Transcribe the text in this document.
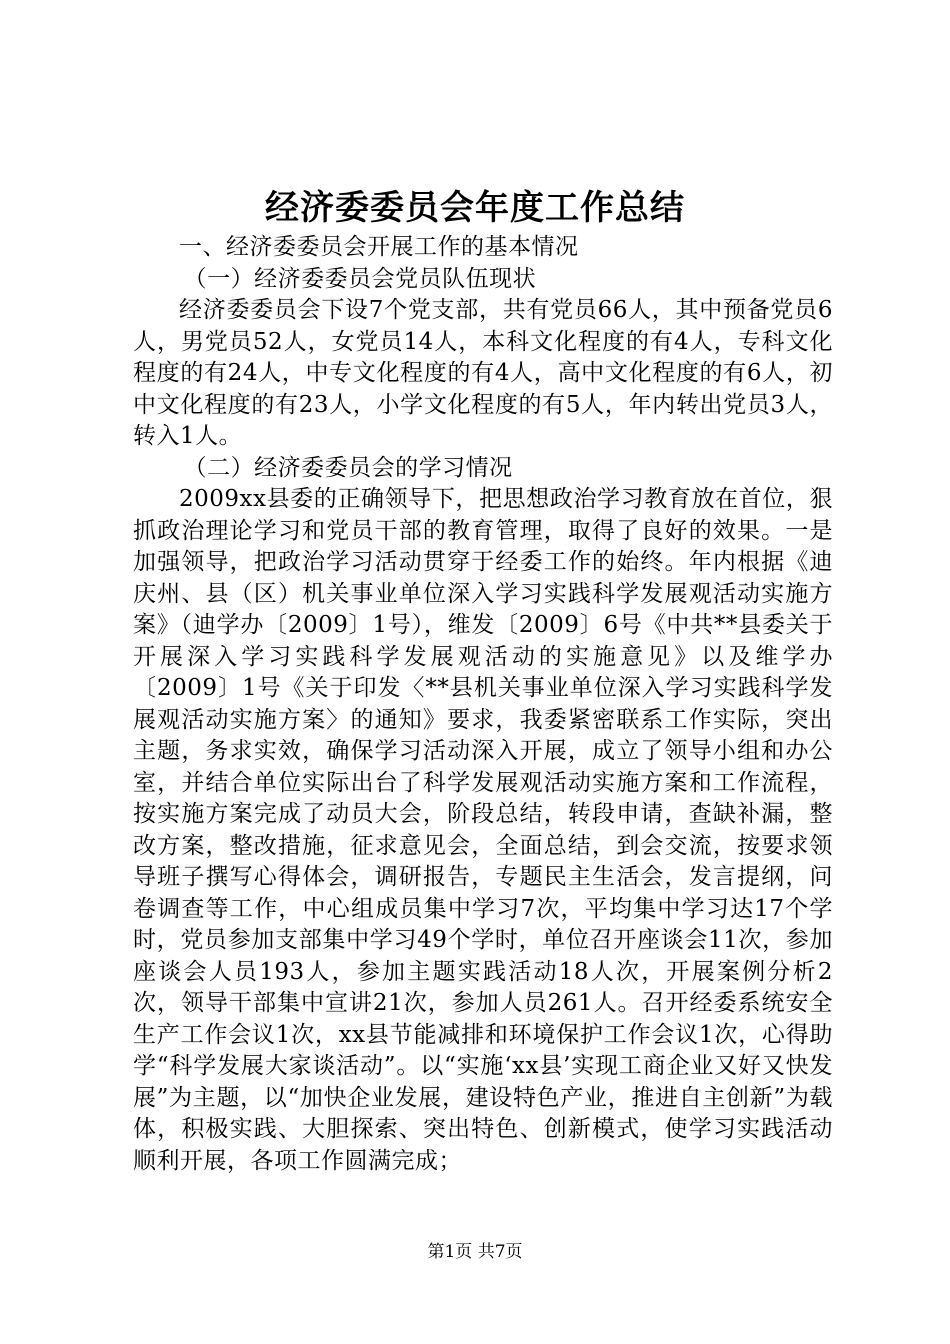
经济委委员会年度工作总结

一、经济委委员会开展工作的基本情况

（一）经济委委员会党员队伍现状

经济委委员会下设7个党支部，共有党员66人，其中预备党员6人，男党员52人，女党员14人，本科文化程度的有4人，专科文化程度的有24人，中专文化程度的有4人，高中文化程度的有6人，初中文化程度的有23人，小学文化程度的有5人，年内转出党员3人，转入1人。

（二）经济委委员会的学习情况

2009xx县委的正确领导下，把思想政治学习教育放在首位，狠抓政治理论学习和党员干部的教育管理，取得了良好的效果。一是加强领导，把政治学习活动贯穿于经委工作的始终。年内根据《迪庆州、县（区）机关事业单位深入学习实践科学发展观活动实施方案》（迪学办〔2009〕1号），维发〔2009〕6号《中共**县委关于开展深入学习实践科学发展观活动的实施意见》以及维学办〔2009〕1号《关于印发〈**县机关事业单位深入学习实践科学发展观活动实施方案〉的通知》要求，我委紧密联系工作实际，突出主题，务求实效，确保学习活动深入开展，成立了领导小组和办公室，并结合单位实际出台了科学发展观活动实施方案和工作流程，按实施方案完成了动员大会，阶段总结，转段申请，查缺补漏，整改方案，整改措施，征求意见会，全面总结，到会交流，按要求领导班子撰写心得体会，调研报告，专题民主生活会，发言提纲，问卷调查等工作，中心组成员集中学习7次，平均集中学习达17个学时，党员参加支部集中学习49个学时，单位召开座谈会11次，参加座谈会人员193人，参加主题实践活动18人次，开展案例分析2次，领导干部集中宣讲21次，参加人员261人。召开经委系统安全生产工作会议1次，xx县节能减排和环境保护工作会议1次，心得助学“科学发展大家谈活动”。以“实施‘xx县’实现工商企业又好又快发展”为主题，以“加快企业发展，建设特色产业，推进自主创新”为载体，积极实践、大胆探索、突出特色、创新模式，使学习实践活动顺利开展，各项工作圆满完成；

第1页 共7页
